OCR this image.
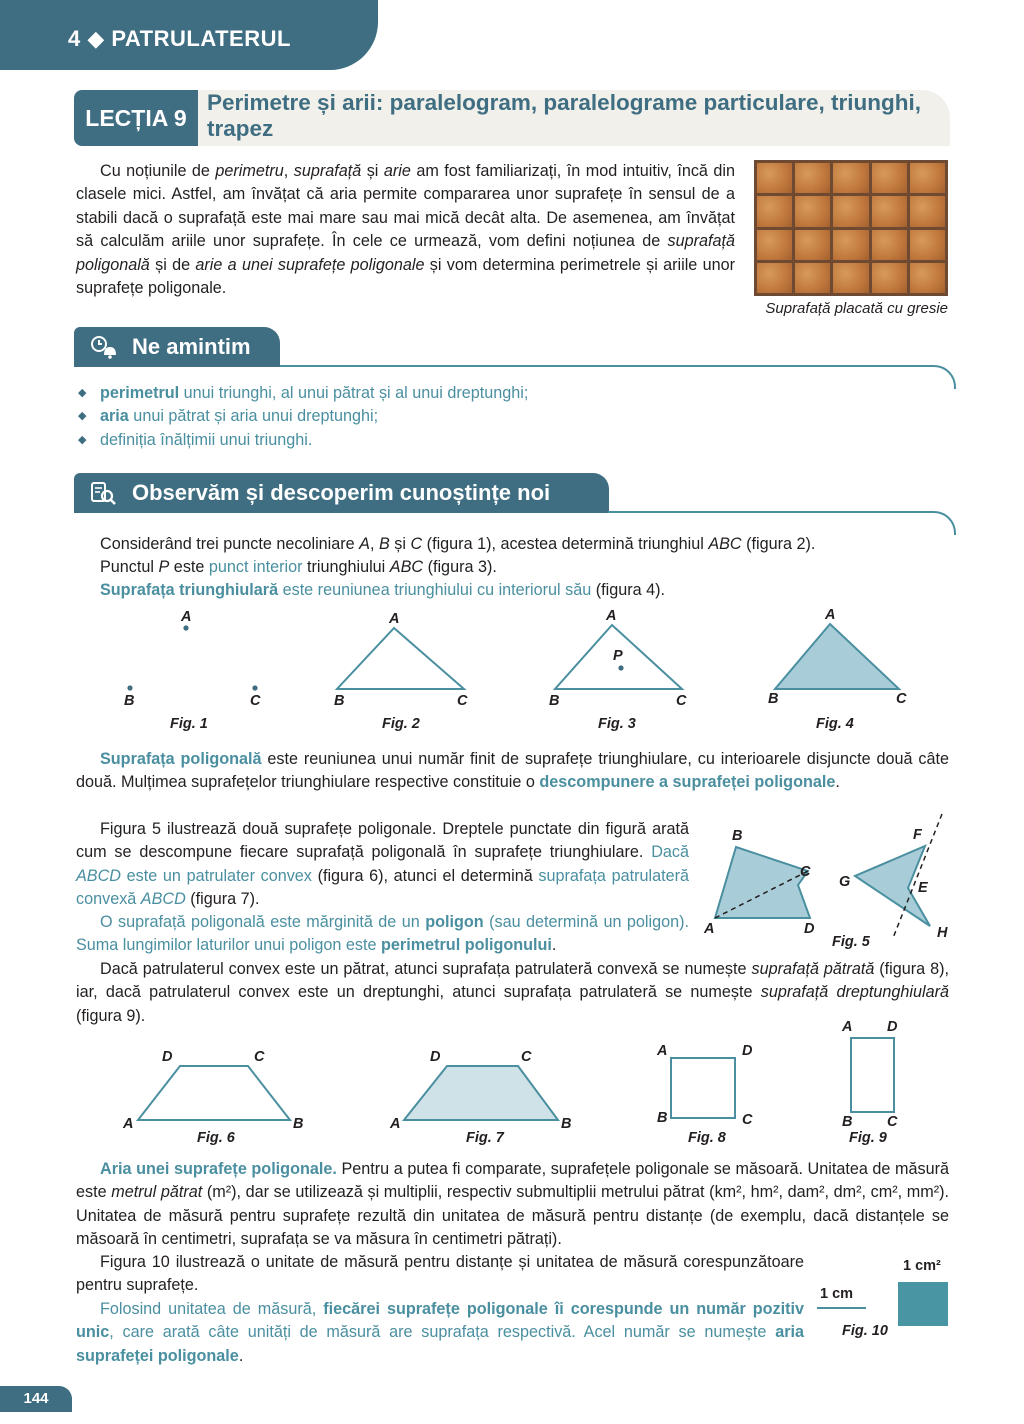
4 ◆ PATRULATERUL
LECȚIA 9
Perimetre și arii: paralelogram, paralelograme particulare, triunghi, trapez

Cu noțiunile de perimetru, suprafață și arie am fost familiarizați, în mod intuitiv, încă din clasele mici. Astfel, am învățat că aria permite compararea unor suprafețe în sensul de a stabili dacă o suprafață este mai mare sau mai mică decât alta. De asemenea, am învățat să calculăm ariile unor suprafețe. În cele ce urmează, vom defini noțiunea de suprafață poligonală și de arie a unei suprafețe poligonale și vom determina perimetrele și ariile unor suprafețe poligonale.

Suprafață placată cu gresie
Ne amintim
◆ perimetrul unui triunghi, al unui pătrat și al unui dreptunghi;
◆ aria unui pătrat și aria unui dreptunghi;
◆ definiția înălțimii unui triunghi.
Observăm și descoperim cunoștințe noi

Considerând trei puncte necoliniare A, B și C (figura 1), acestea determină triunghiul ABC (figura 2).

Punctul P este punct interior triunghiului ABC (figura 3).

Suprafața triunghiulară este reuniunea triunghiului cu interiorul său (figura 4).

A
B	C
Fig. 1
A
B	C
Fig. 2
A
P
B	C
Fig. 3
A
B	C
Fig. 4

Suprafața poligonală este reuniunea unui număr finit de suprafețe triunghiulare, cu interioarele disjuncte două câte două. Mulțimea suprafețelor triunghiulare respective constituie o descompunere a suprafeței poligonale.

Figura 5 ilustrează două suprafețe poligonale. Dreptele punctate din figură arată cum se descompune fiecare suprafață poligonală în suprafețe triunghiulare. Dacă ABCD este un patrulater convex (figura 6), atunci el determină suprafața patrulateră convexă ABCD (figura 7).

O suprafață poligonală este mărginită de un poligon (sau determină un poligon). Suma lungimilor laturilor unui poligon este perimetrul poligonului.

B
C
A	D
F
G	E
H
Fig. 5

Dacă patrulaterul convex este un pătrat, atunci suprafața patrulateră convexă se numește suprafață pătrată (figura 8), iar, dacă patrulaterul convex este un dreptunghi, atunci suprafața patrulateră se numește suprafață dreptunghiulară (figura 9).

D	C
A	B
Fig. 6
D	C
A	B
Fig. 7
A	D
B	C
Fig. 8
A D
B C
Fig. 9

Aria unei suprafețe poligonale. Pentru a putea fi comparate, suprafețele poligonale se măsoară. Unitatea de măsură este metrul pătrat (m²), dar se utilizează și multiplii, respectiv submultiplii metrului pătrat (km², hm², dam², dm², cm², mm²). Unitatea de măsură pentru suprafețe rezultă din unitatea de măsură pentru distanțe (de exemplu, dacă distanțele se măsoară în centimetri, suprafața se va măsura în centimetri pătrați).

Figura 10 ilustrează o unitate de măsură pentru distanțe și unitatea de măsură corespunzătoare pentru suprafețe.

Folosind unitatea de măsură, fiecărei suprafețe poligonale îi corespunde un număr pozitiv unic, care arată câte unități de măsură are suprafața respectivă. Acel număr se numește aria suprafeței poligonale.

1 cm²
1 cm
Fig. 10
144
